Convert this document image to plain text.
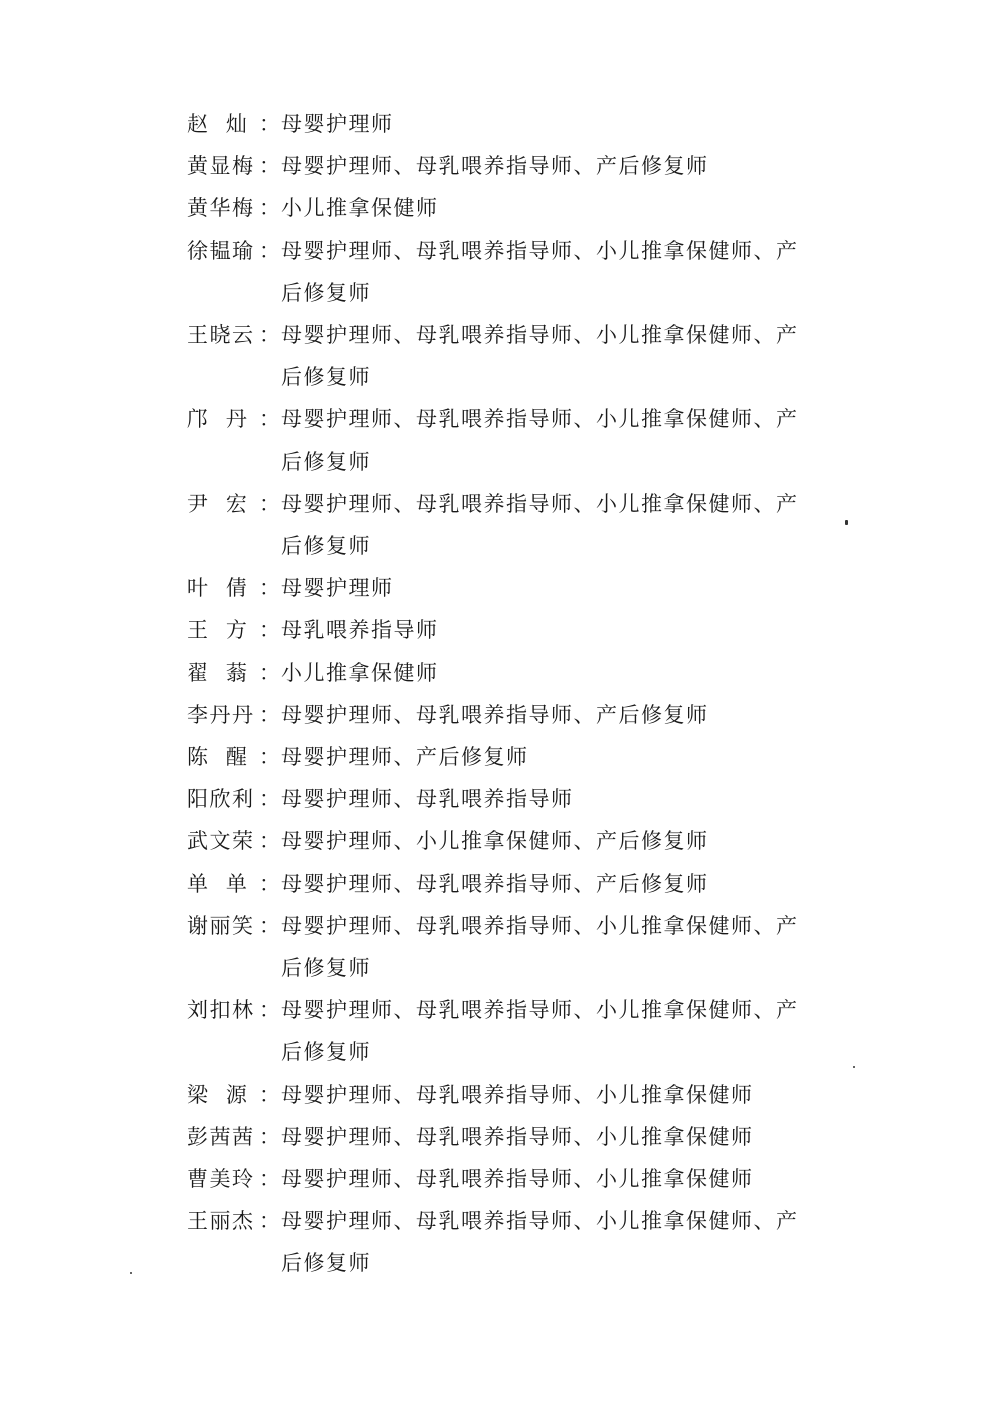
赵  灿 ： 母婴护理师
黄显梅 ： 母婴护理师、母乳喂养指导师、产后修复师
黄华梅 ： 小儿推拿保健师
徐韫瑜 ： 母婴护理师、母乳喂养指导师、小儿推拿保健师、产后修复师
王晓云 ： 母婴护理师、母乳喂养指导师、小儿推拿保健师、产后修复师
邝  丹 ： 母婴护理师、母乳喂养指导师、小儿推拿保健师、产后修复师
尹  宏 ： 母婴护理师、母乳喂养指导师、小儿推拿保健师、产后修复师
叶  倩 ： 母婴护理师
王  方 ： 母乳喂养指导师
翟  蓊 ： 小儿推拿保健师
李丹丹 ： 母婴护理师、母乳喂养指导师、产后修复师
陈  醒 ： 母婴护理师、产后修复师
阳欣利 ： 母婴护理师、母乳喂养指导师
武文荣 ： 母婴护理师、小儿推拿保健师、产后修复师
单  单 ： 母婴护理师、母乳喂养指导师、产后修复师
谢丽笑 ： 母婴护理师、母乳喂养指导师、小儿推拿保健师、产后修复师
刘扣林 ： 母婴护理师、母乳喂养指导师、小儿推拿保健师、产后修复师
梁  源 ： 母婴护理师、母乳喂养指导师、小儿推拿保健师
彭茜茜 ： 母婴护理师、母乳喂养指导师、小儿推拿保健师
曹美玲 ： 母婴护理师、母乳喂养指导师、小儿推拿保健师
王丽杰 ： 母婴护理师、母乳喂养指导师、小儿推拿保健师、产后修复师
